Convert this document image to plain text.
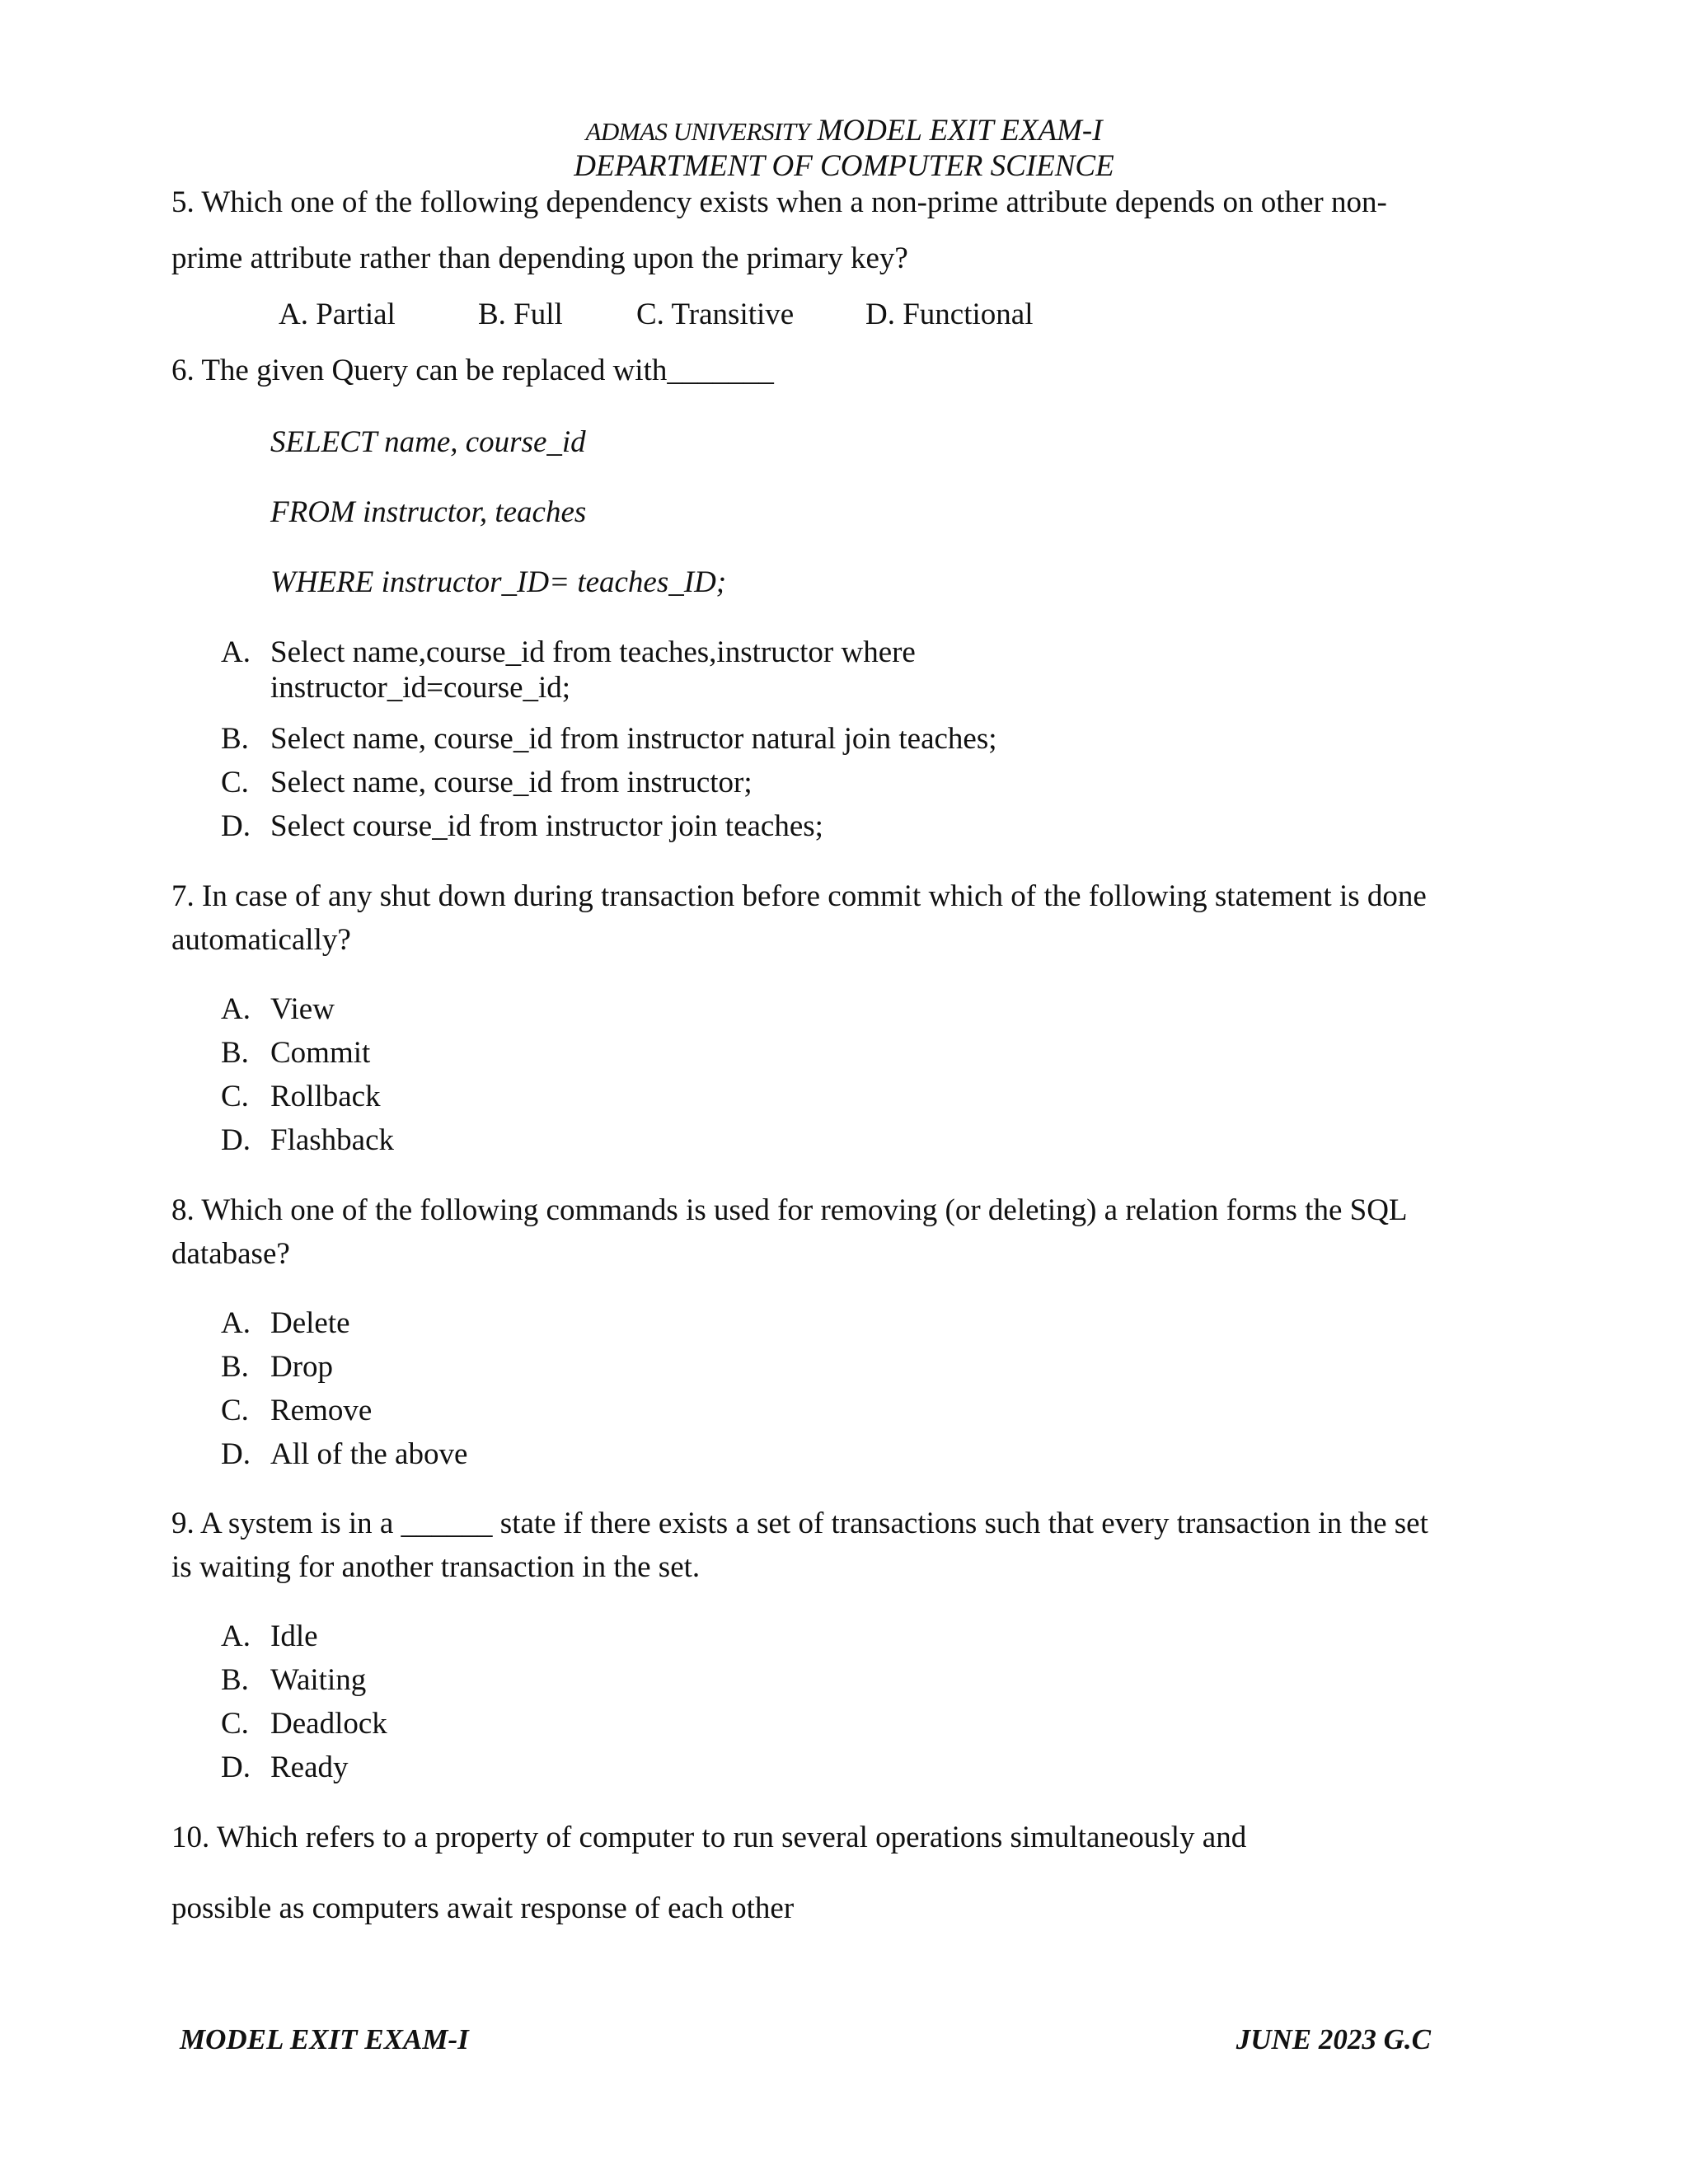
ADMAS UNIVERSITY MODEL EXIT EXAM-I
DEPARTMENT OF COMPUTER SCIENCE
5. Which one of the following dependency exists when a non-prime attribute depends on other non-
prime attribute rather than depending upon the primary key?
A. Partial	B. Full C. Transitive D. Functional
6. The given Query can be replaced with_______
SELECT name, course_id
FROM instructor, teaches
WHERE instructor_ID= teaches_ID;
A. Select name,course_id from teaches,instructor where
instructor_id=course_id;
B. Select name, course_id from instructor natural join teaches;
C. Select name, course_id from instructor;
D. Select course_id from instructor join teaches;
7. In case of any shut down during transaction before commit which of the following statement is done
automatically?
A. View
B. Commit
C. Rollback
D. Flashback
8. Which one of the following commands is used for removing (or deleting) a relation forms the SQL
database?
A. Delete
B. Drop
C. Remove
D. All of the above
9. A system is in a ______ state if there exists a set of transactions such that every transaction in the set
is waiting for another transaction in the set.
A. Idle
B. Waiting
C. Deadlock
D. Ready
10. Which refers to a property of computer to run several operations simultaneously and
possible as computers await response of each other
MODEL EXIT EXAM-I	JUNE 2023 G.C
